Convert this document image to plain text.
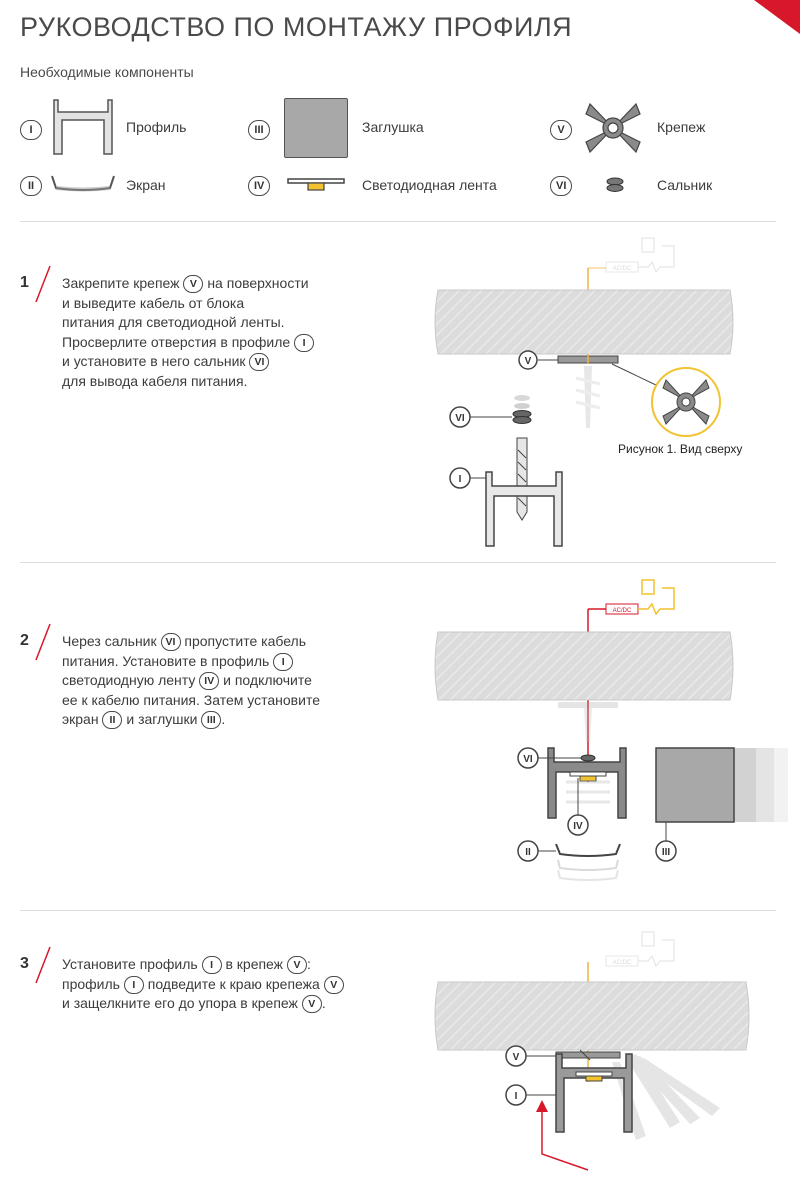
РУКОВОДСТВО ПО МОНТАЖУ ПРОФИЛЯ
Необходимые компоненты
I	Профиль
II	Экран
III	Заглушка
IV	Светодиодная лента
V	Крепеж
VI	Сальник
1 Закрепите крепеж V на поверхности
и выведите кабель от блока
питания для светодиодной ленты.
Просверлите отверстия в профиле I
и установите в него сальник VI
для вывода кабеля питания.
AC/DC
V
Рисунок 1. Вид сверху
VI
I
2 Через сальник VI пропустите кабель
питания. Установите в профиль I
светодиодную ленту IV и подключите
ее к кабелю питания. Затем установите
экран II и заглушки III .
AC/DC
VI
IV
II	III
3 Установите профиль I в крепеж V :
профиль I подведите к краю крепежа V
и защелкните его до упора в крепеж V .
AC/DC
V
I
